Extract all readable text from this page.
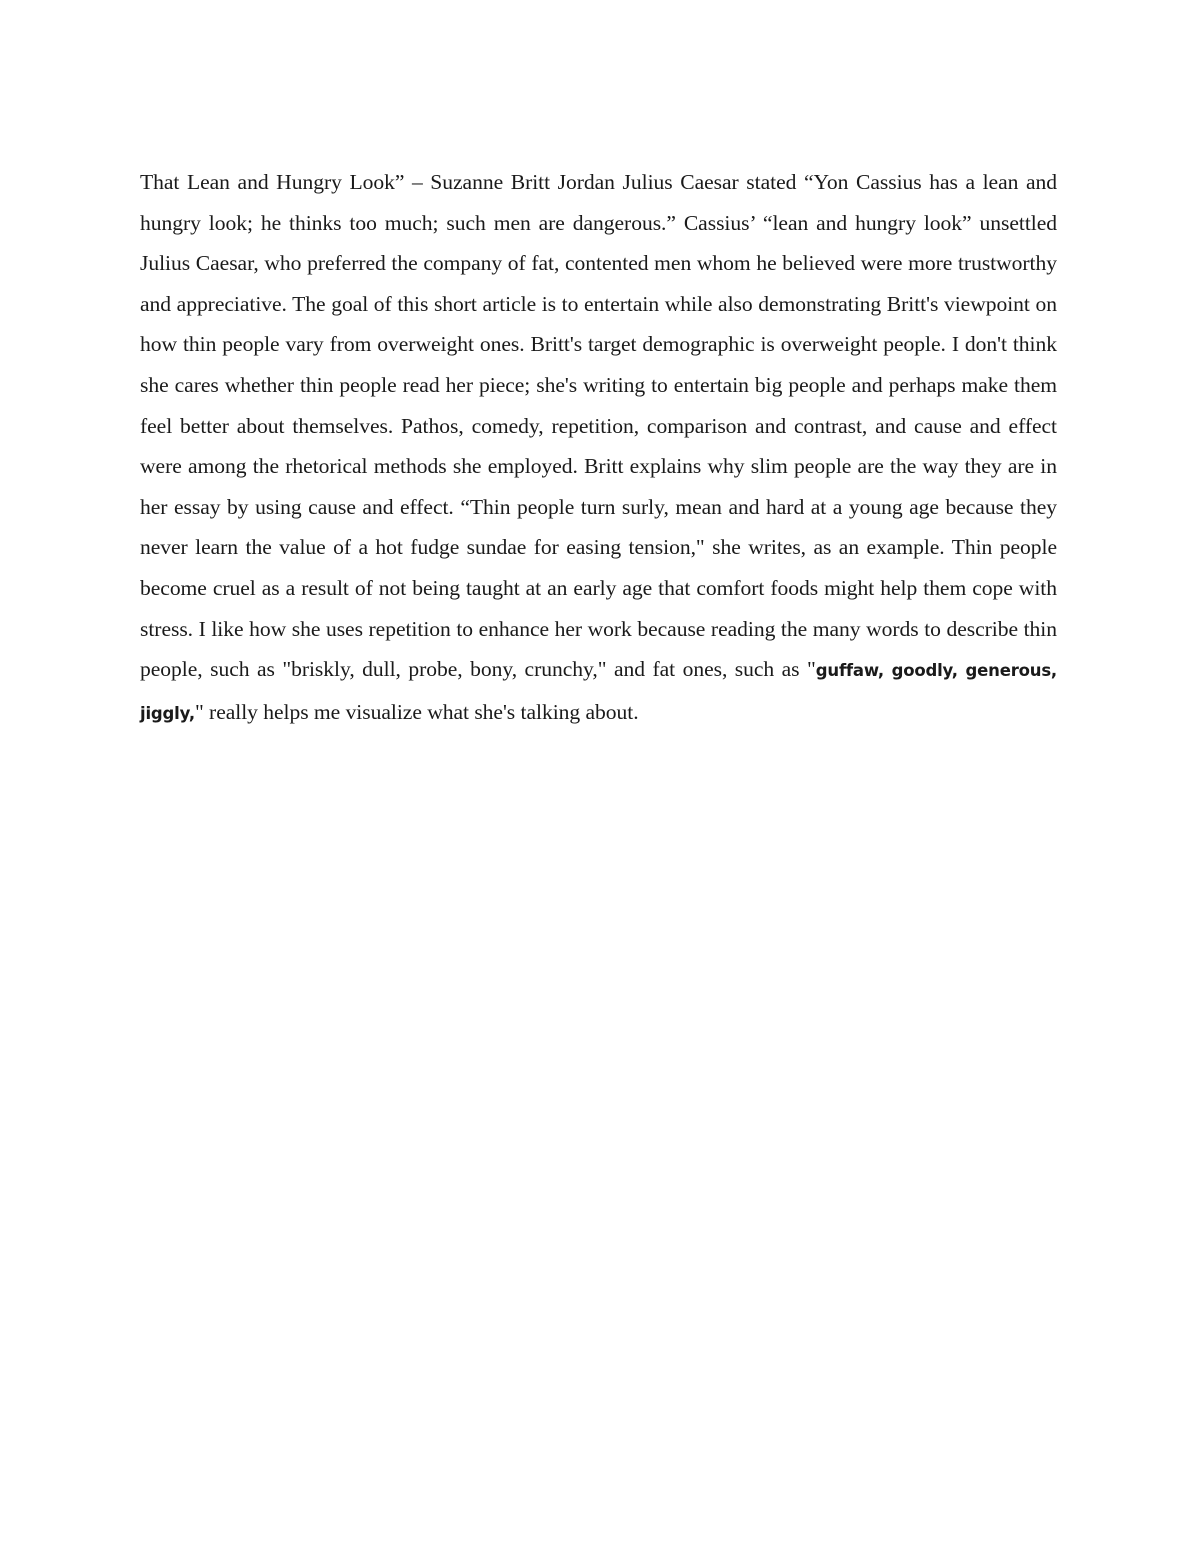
That Lean and Hungry Look” – Suzanne Britt Jordan Julius Caesar stated “Yon Cassius has a lean and hungry look; he thinks too much; such men are dangerous.” Cassius’ “lean and hungry look” unsettled Julius Caesar, who preferred the company of fat, contented men whom he believed were more trustworthy and appreciative. The goal of this short article is to entertain while also demonstrating Britt's viewpoint on how thin people vary from overweight ones. Britt's target demographic is overweight people. I don't think she cares whether thin people read her piece; she's writing to entertain big people and perhaps make them feel better about themselves. Pathos, comedy, repetition, comparison and contrast, and cause and effect were among the rhetorical methods she employed. Britt explains why slim people are the way they are in her essay by using cause and effect. “Thin people turn surly, mean and hard at a young age because they never learn the value of a hot fudge sundae for easing tension," she writes, as an example. Thin people become cruel as a result of not being taught at an early age that comfort foods might help them cope with stress. I like how she uses repetition to enhance her work because reading the many words to describe thin people, such as "briskly, dull, probe, bony, crunchy," and fat ones, such as "guffaw, goodly, generous, jiggly," really helps me visualize what she's talking about.
